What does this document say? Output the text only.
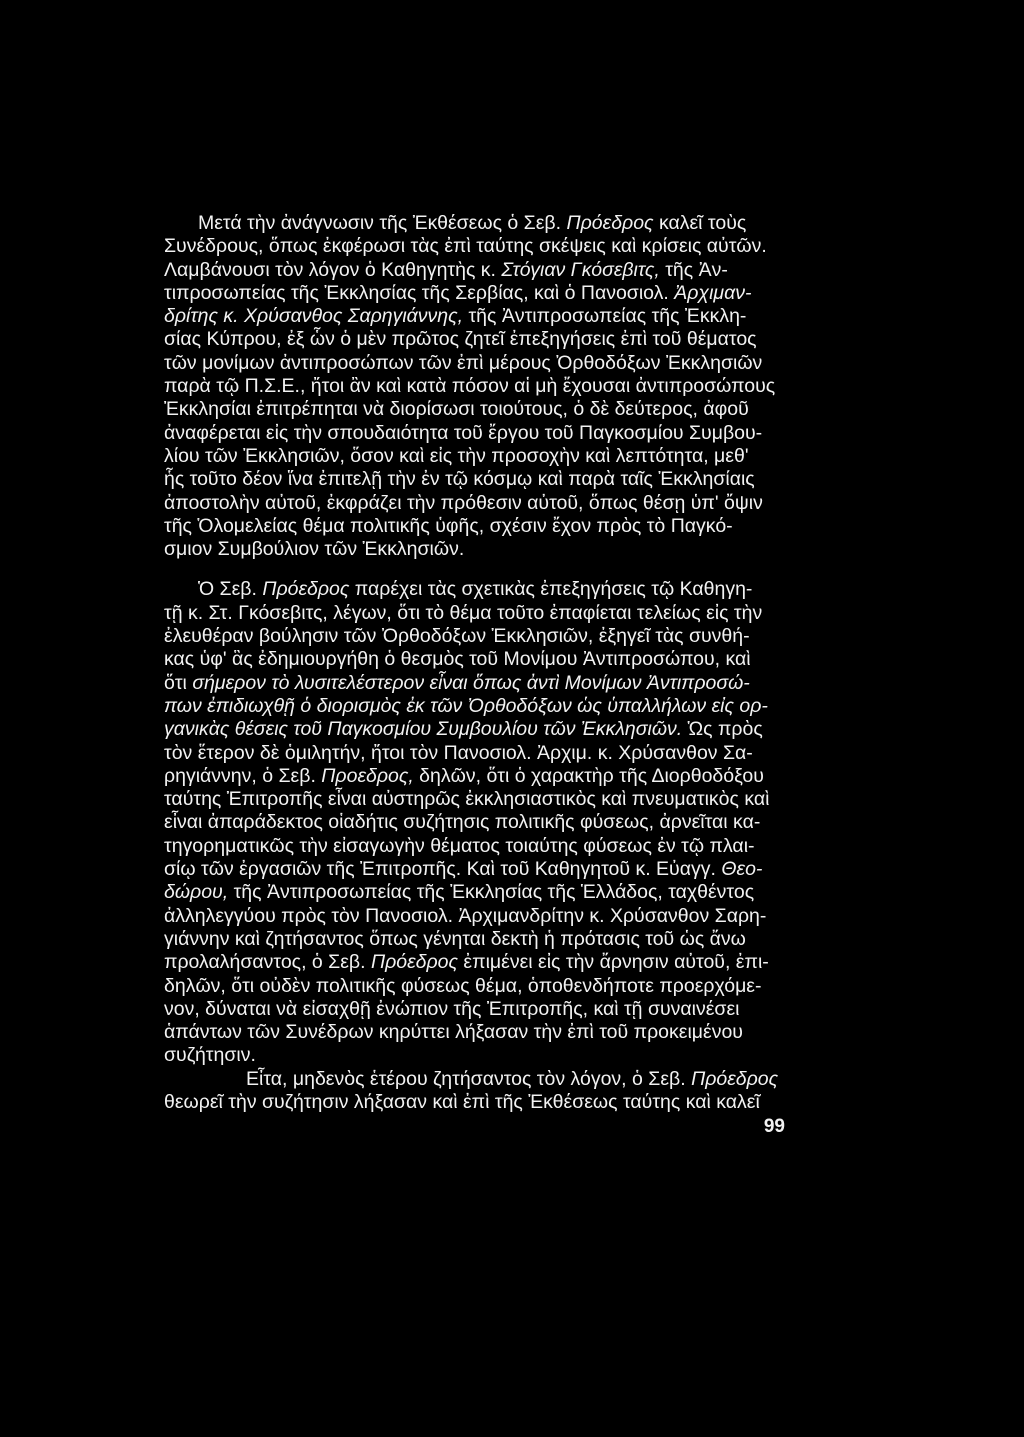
Μετά τὴν ἀνάγνωσιν τῆς Ἐκθέσεως ὁ Σεβ. Πρόεδρος καλεῖ τοὺς
Συνέδρους, ὅπως ἐκφέρωσι τὰς ἐπὶ ταύτης σκέψεις καὶ κρίσεις αὐτῶν.
Λαμβάνουσι τὸν λόγον ὁ Καθηγητὴς κ. Στόγιαν Γκόσεβιτς, τῆς Ἀν-
τιπροσωπείας τῆς Ἐκκλησίας τῆς Σερβίας, καὶ ὁ Πανοσιολ. Ἀρχιμαν-
δρίτης κ. Χρύσανθος Σαρηγιάννης, τῆς Ἀντιπροσωπείας τῆς Ἐκκλη-
σίας Κύπρου, ἐξ ὧν ὁ μὲν πρῶτος ζητεῖ ἐπεξηγήσεις ἐπὶ τοῦ θέματος
τῶν μονίμων ἀντιπροσώπων τῶν ἐπὶ μέρους Ὀρθοδόξων Ἐκκλησιῶν
παρὰ τῷ Π.Σ.Ε., ἤτοι ἂν καὶ κατὰ πόσον αἱ μὴ ἔχουσαι ἀντιπροσώπους
Ἐκκλησίαι ἐπιτρέπηται νὰ διορίσωσι τοιούτους, ὁ δὲ δεύτερος, ἀφοῦ
ἀναφέρεται εἰς τὴν σπουδαιότητα τοῦ ἔργου τοῦ Παγκοσμίου Συμβου-
λίου τῶν Ἐκκλησιῶν, ὅσον καὶ εἰς τὴν προσοχὴν καὶ λεπτότητα, μεθ'
ἧς τοῦτο δέον ἵνα ἐπιτελῇ τὴν ἐν τῷ κόσμῳ καὶ παρὰ ταῖς Ἐκκλησίαις
ἀποστολὴν αὐτοῦ, ἐκφράζει τὴν πρόθεσιν αὐτοῦ, ὅπως θέσῃ ὑπ' ὄψιν
τῆς Ὁλομελείας θέμα πολιτικῆς ὑφῆς, σχέσιν ἔχον πρὸς τὸ Παγκό-
σμιον Συμβούλιον τῶν Ἐκκλησιῶν.
Ὁ Σεβ. Πρόεδρος παρέχει τὰς σχετικὰς ἐπεξηγήσεις τῷ Καθηγη-
τῇ κ. Στ. Γκόσεβιτς, λέγων, ὅτι τὸ θέμα τοῦτο ἐπαφίεται τελείως εἰς τὴν
ἐλευθέραν βούλησιν τῶν Ὀρθοδόξων Ἐκκλησιῶν, ἐξηγεῖ τὰς συνθή-
κας ὑφ' ἃς ἐδημιουργήθη ὁ θεσμὸς τοῦ Μονίμου Ἀντιπροσώπου, καὶ
ὅτι σήμερον τὸ λυσιτελέστερον εἶναι ὅπως ἀντὶ Μονίμων Ἀντιπροσώ-
πων ἐπιδιωχθῇ ὁ διορισμὸς ἐκ τῶν Ὀρθοδόξων ὡς ὑπαλλήλων εἰς ορ-
γανικὰς θέσεις τοῦ Παγκοσμίου Συμβουλίου τῶν Ἐκκλησιῶν. Ὡς πρὸς
τὸν ἕτερον δὲ ὁμιλητήν, ἤτοι τὸν Πανοσιολ. Ἀρχιμ. κ. Χρύσανθον Σα-
ρηγιάννην, ὁ Σεβ. Προεδρος, δηλῶν, ὅτι ὁ χαρακτὴρ τῆς Διορθοδόξου
ταύτης Ἐπιτροπῆς εἶναι αὐστηρῶς ἐκκλησιαστικὸς καὶ πνευματικὸς καὶ
εἶναι ἀπαράδεκτος οἱαδήτις συζήτησις πολιτικῆς φύσεως, ἀρνεῖται κα-
τηγορηματικῶς τὴν εἰσαγωγὴν θέματος τοιαύτης φύσεως ἐν τῷ πλαι-
σίῳ τῶν ἐργασιῶν τῆς Ἐπιτροπῆς. Καὶ τοῦ Καθηγητοῦ κ. Εὐαγγ. Θεο-
δώρου, τῆς Ἀντιπροσωπείας τῆς Ἐκκλησίας τῆς Ἑλλάδος, ταχθέντος
ἀλληλεγγύου πρὸς τὸν Πανοσιολ. Ἀρχιμανδρίτην κ. Χρύσανθον Σαρη-
γιάννην καὶ ζητήσαντος ὅπως γένηται δεκτὴ ἡ πρότασις τοῦ ὡς ἄνω
προλαλήσαντος, ὁ Σεβ. Πρόεδρος ἐπιμένει εἰς τὴν ἄρνησιν αὐτοῦ, ἐπι-
δηλῶν, ὅτι οὐδὲν πολιτικῆς φύσεως θέμα, ὁποθενδήποτε προερχόμε-
νον, δύναται νὰ εἰσαχθῇ ἐνώπιον τῆς Ἐπιτροπῆς, καὶ τῇ συναινέσει
ἁπάντων τῶν Συνέδρων κηρύττει λήξασαν τὴν ἐπὶ τοῦ προκειμένου
συζήτησιν.
Εἶτα, μηδενὸς ἑτέρου ζητήσαντος τὸν λόγον, ὁ Σεβ. Πρόεδρος
θεωρεῖ τὴν συζήτησιν λήξασαν καὶ ἐπὶ τῆς Ἐκθέσεως ταύτης καὶ καλεῖ
99
